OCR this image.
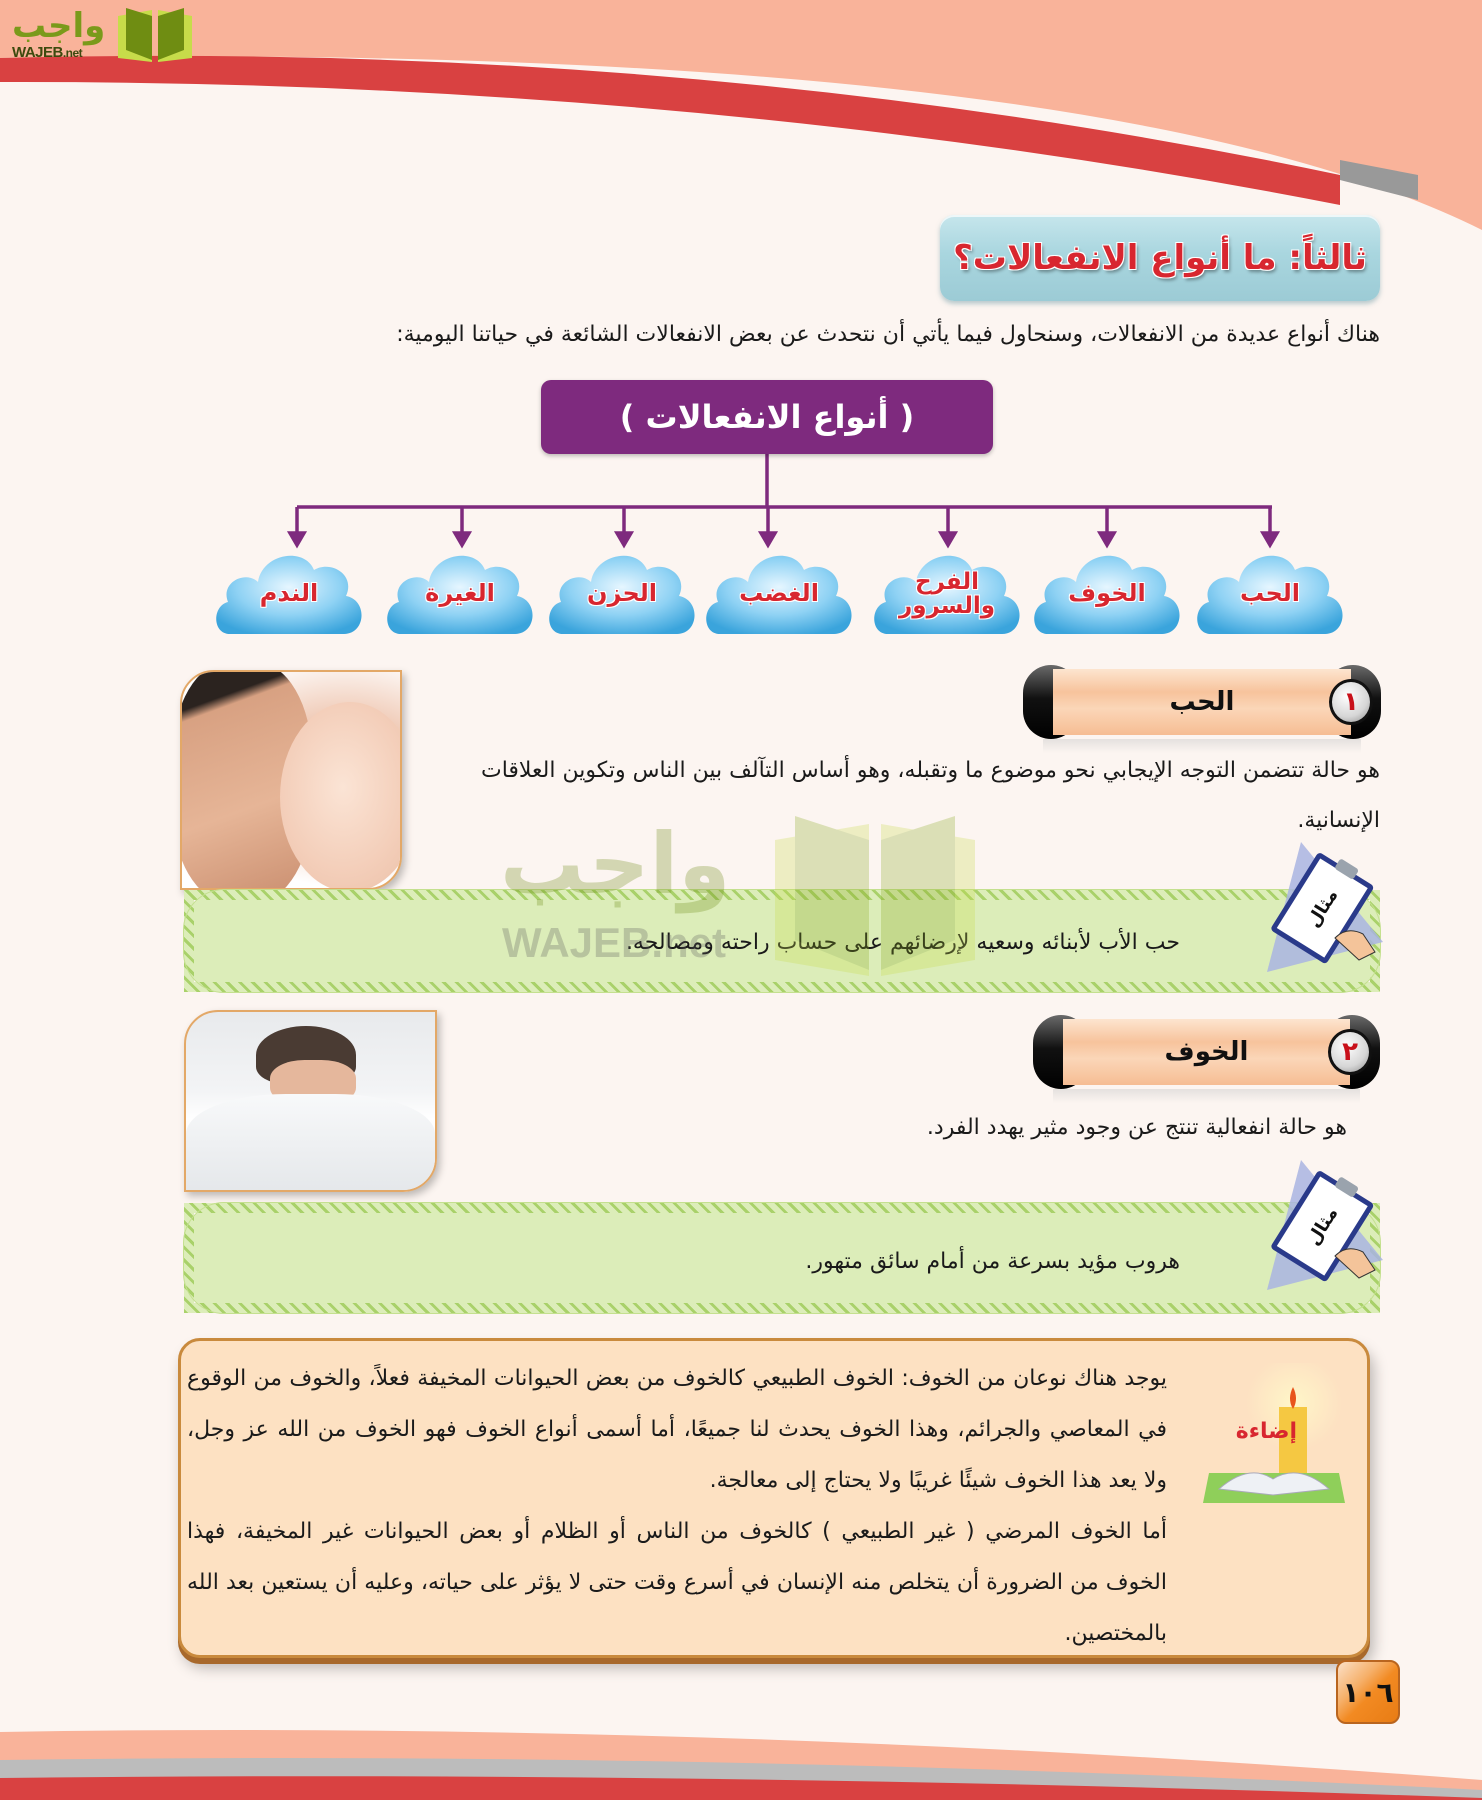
واجب
WAJEB.net
ثالثاً: ما أنواع الانفعالات؟

هناك أنواع عديدة من الانفعالات، وسنحاول فيما يأتي أن نتحدث عن بعض الانفعالات الشائعة في حياتنا اليومية:

( أنواع الانفعالات )
الحب
الخوف
الفرح والسرور
الغضب
الحزن
الغيرة
الندم
١
الحب

هو حالة تتضمن التوجه الإيجابي نحو موضوع ما وتقبله، وهو أساس التآلف بين الناس وتكوين العلاقات الإنسانية.

حب الأب لأبنائه وسعيه لإرضائهم على حساب راحته ومصالحه.

مثال
٢
الخوف

هو حالة انفعالية تنتج عن وجود مثير يهدد الفرد.

هروب مؤيد بسرعة من أمام سائق متهور.

مثال

يوجد هناك نوعان من الخوف: الخوف الطبيعي كالخوف من بعض الحيوانات المخيفة فعلاً، والخوف من الوقوع في المعاصي والجرائم، وهذا الخوف يحدث لنا جميعًا، أما أسمى أنواع الخوف فهو الخوف من الله عز وجل، ولا يعد هذا الخوف شيئًا غريبًا ولا يحتاج إلى معالجة.

أما الخوف المرضي ( غير الطبيعي ) كالخوف من الناس أو الظلام أو بعض الحيوانات غير المخيفة، فهذا الخوف من الضرورة أن يتخلص منه الإنسان في أسرع وقت حتى لا يؤثر على حياته، وعليه أن يستعين بعد الله بالمختصين.

إضاءة
واجب
WAJEB.net
١٠٦
